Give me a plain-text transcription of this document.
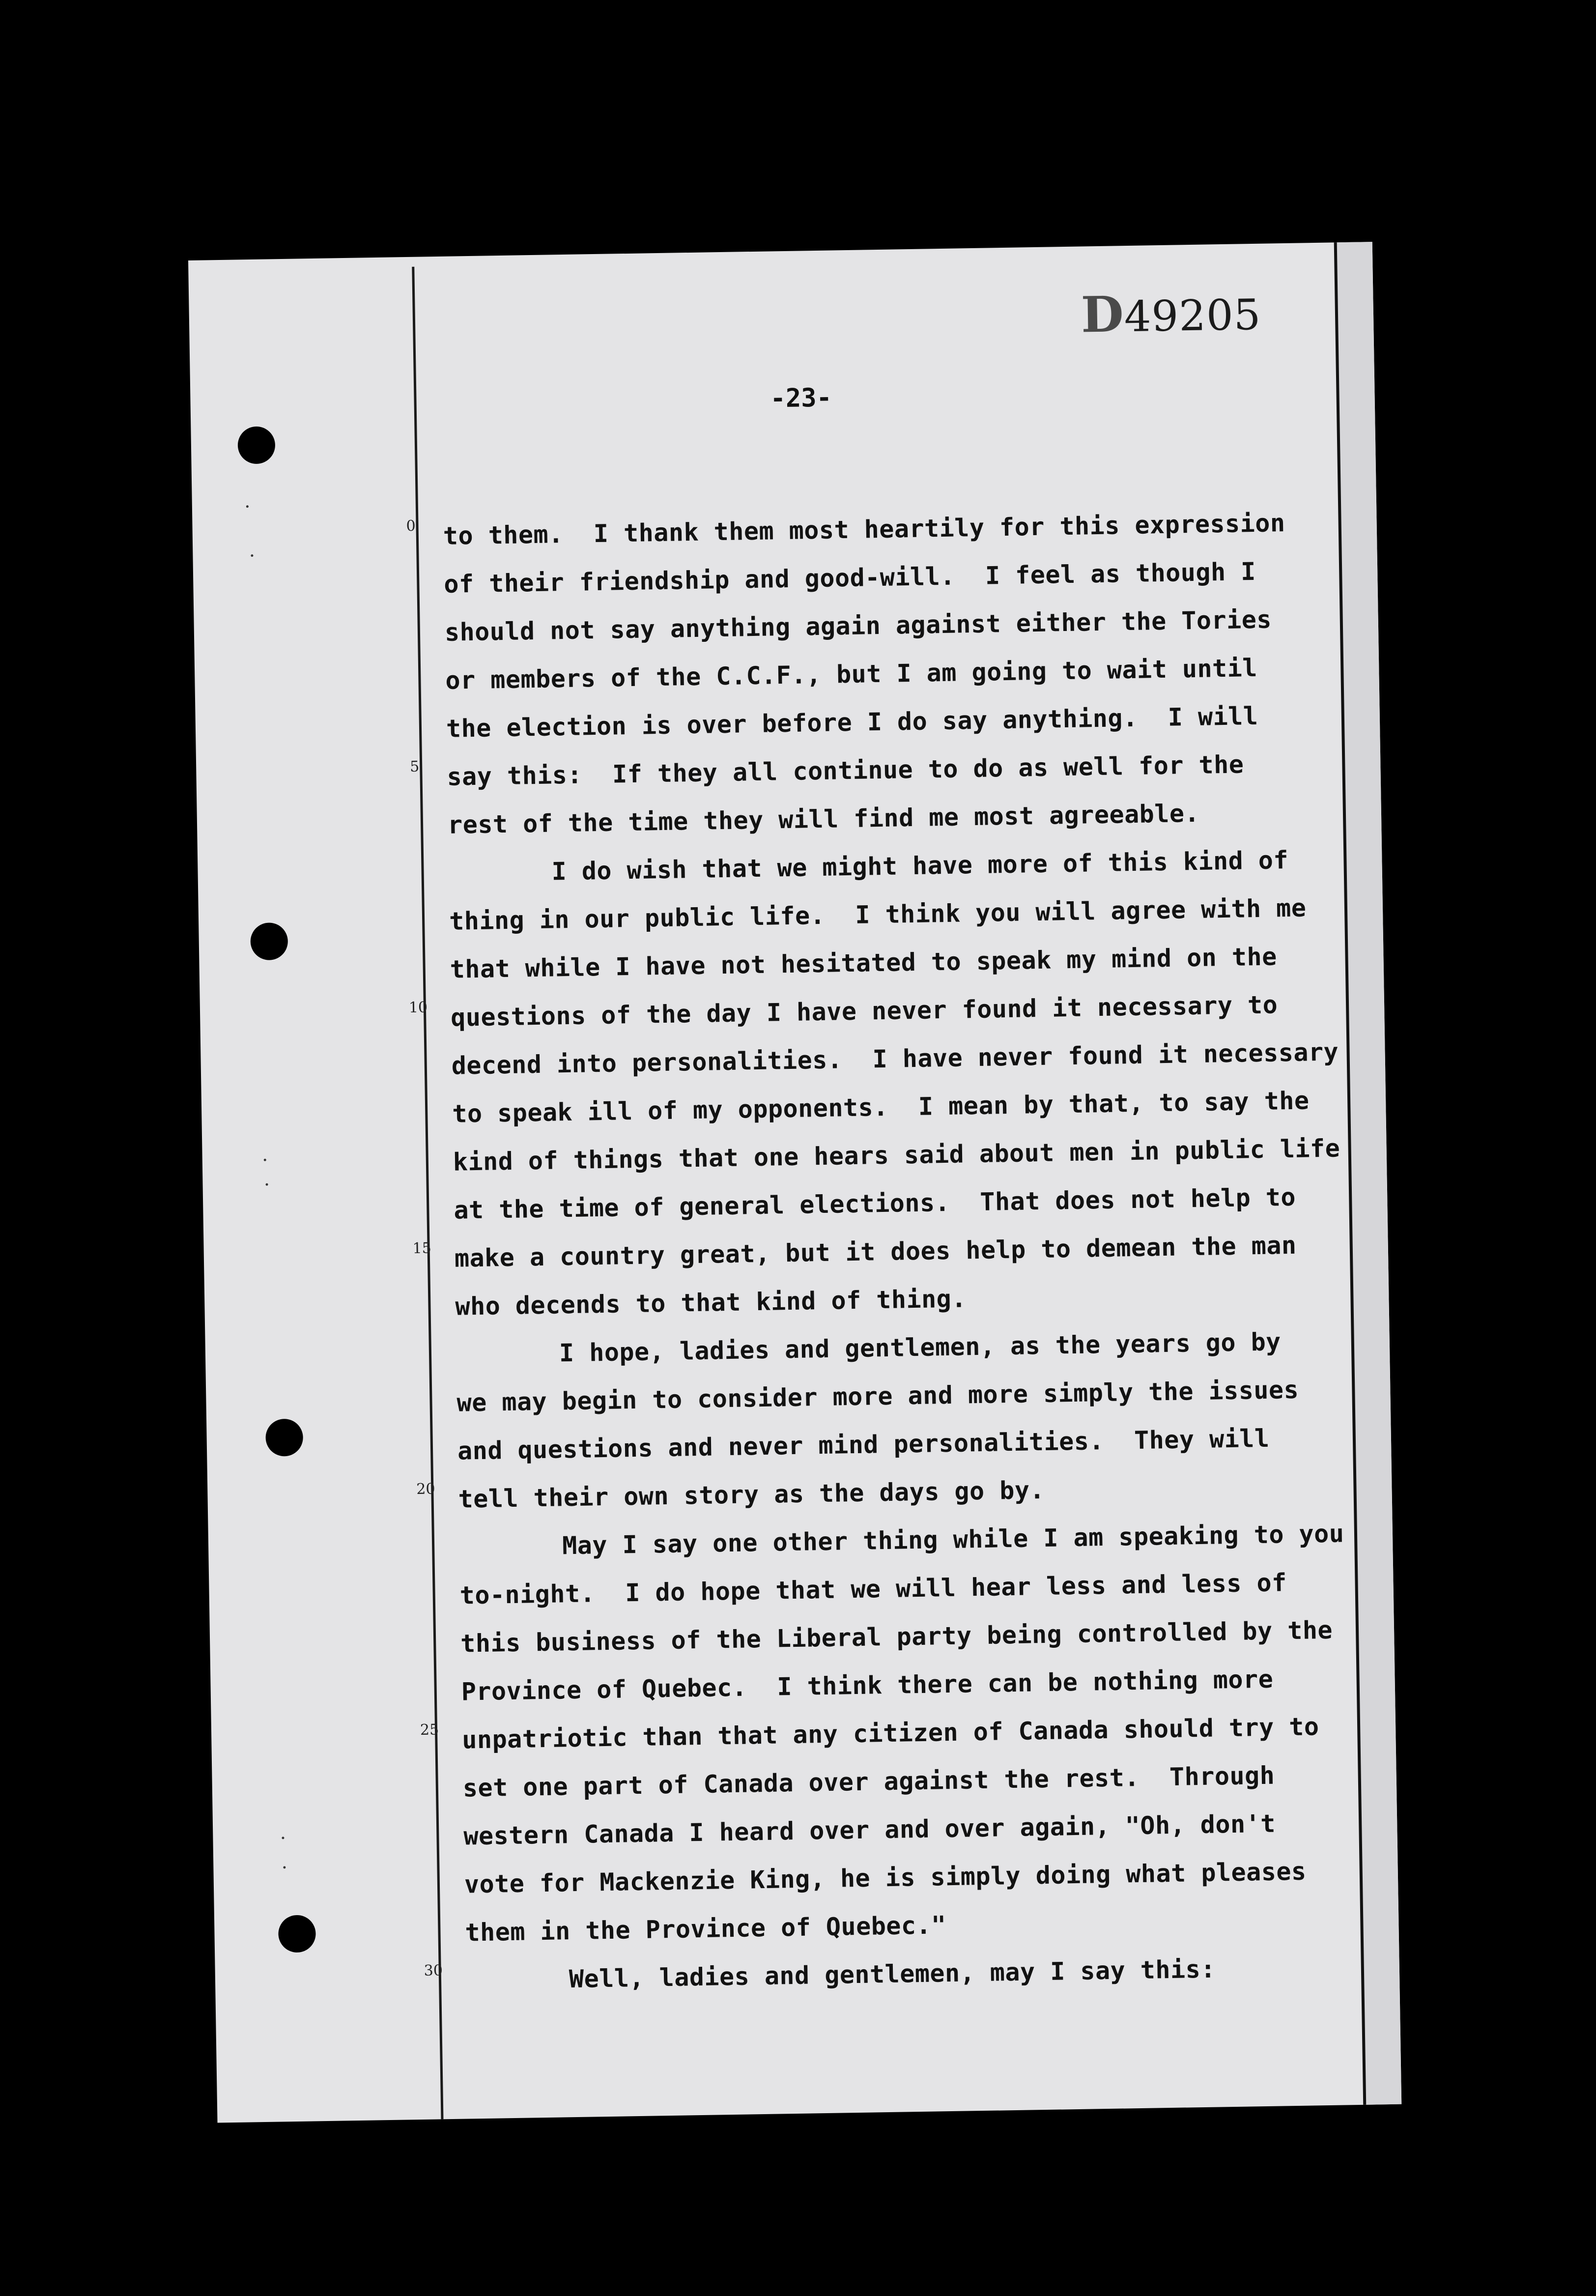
D49205
-23-
0
5
10
15
20
25
30
to them.  I thank them most heartily for this expression
of their friendship and good-will.  I feel as though I
should not say anything again against either the Tories
or members of the C.C.F., but I am going to wait until
the election is over before I do say anything.  I will
say this:  If they all continue to do as well for the
rest of the time they will find me most agreeable.
I do wish that we might have more of this kind of
thing in our public life.  I think you will agree with me
that while I have not hesitated to speak my mind on the
questions of the day I have never found it necessary to
decend into personalities.  I have never found it necessary
to speak ill of my opponents.  I mean by that, to say the
kind of things that one hears said about men in public life
at the time of general elections.  That does not help to
make a country great, but it does help to demean the man
who decends to that kind of thing.
I hope, ladies and gentlemen, as the years go by
we may begin to consider more and more simply the issues
and questions and never mind personalities.  They will
tell their own story as the days go by.
May I say one other thing while I am speaking to you
to-night.  I do hope that we will hear less and less of
this business of the Liberal party being controlled by the
Province of Quebec.  I think there can be nothing more
unpatriotic than that any citizen of Canada should try to
set one part of Canada over against the rest.  Through
western Canada I heard over and over again, "Oh, don't
vote for Mackenzie King, he is simply doing what pleases
them in the Province of Quebec."
Well, ladies and gentlemen, may I say this:
